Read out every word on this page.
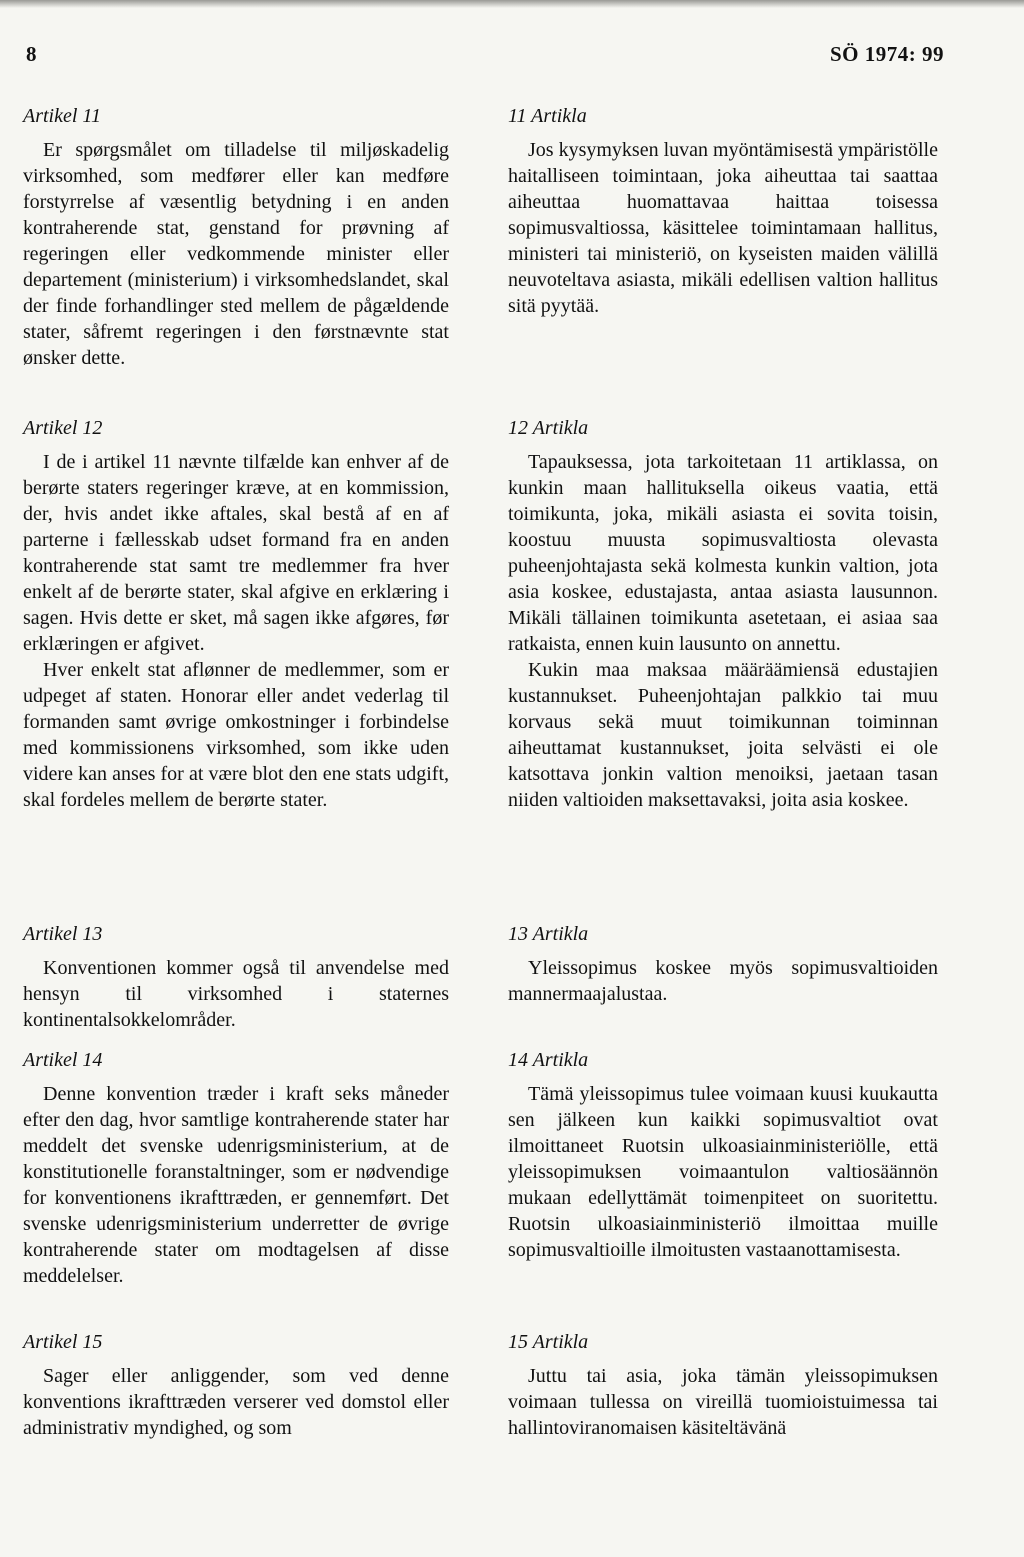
8	SÖ 1974: 99
Artikel 11

Er spørgsmålet om tilladelse til miljøskadelig virksomhed, som medfører eller kan medføre forstyrrelse af væsentlig betydning i en anden kontraherende stat, genstand for prøvning af regeringen eller vedkommende minister eller departement (ministerium) i virksomhedslandet, skal der finde forhandlinger sted mellem de pågældende stater, såfremt regeringen i den førstnævnte stat ønsker dette.

Artikel 12

I de i artikel 11 nævnte tilfælde kan enhver af de berørte staters regeringer kræve, at en kommission, der, hvis andet ikke aftales, skal bestå af en af parterne i fællesskab udset formand fra en anden kontraherende stat samt tre medlemmer fra hver enkelt af de berørte stater, skal afgive en erklæring i sagen. Hvis dette er sket, må sagen ikke afgøres, før erklæringen er afgivet.

Hver enkelt stat aflønner de medlemmer, som er udpeget af staten. Honorar eller andet vederlag til formanden samt øvrige omkostninger i forbindelse med kommissionens virksomhed, som ikke uden videre kan anses for at være blot den ene stats udgift, skal fordeles mellem de berørte stater.

Artikel 13

Konventionen kommer også til anvendelse med hensyn til virksomhed i staternes kontinentalsokkelområder.

Artikel 14

Denne konvention træder i kraft seks måneder efter den dag, hvor samtlige kontraherende stater har meddelt det svenske udenrigsministerium, at de konstitutionelle foranstaltninger, som er nødvendige for konventionens ikrafttræden, er gennemført. Det svenske udenrigsministerium underretter de øvrige kontraherende stater om modtagelsen af disse meddelelser.

Artikel 15

Sager eller anliggender, som ved denne konventions ikrafttræden verserer ved domstol eller administrativ myndighed, og som

11 Artikla

Jos kysymyksen luvan myöntämisestä ympäristölle haitalliseen toimintaan, joka aiheuttaa tai saattaa aiheuttaa huomattavaa haittaa toisessa sopimusvaltiossa, käsittelee toimintamaan hallitus, ministeri tai ministeriö, on kyseisten maiden välillä neuvoteltava asiasta, mikäli edellisen valtion hallitus sitä pyytää.

12 Artikla

Tapauksessa, jota tarkoitetaan 11 artiklassa, on kunkin maan hallituksella oikeus vaatia, että toimikunta, joka, mikäli asiasta ei sovita toisin, koostuu muusta sopimusvaltiosta olevasta puheenjohtajasta sekä kolmesta kunkin valtion, jota asia koskee, edustajasta, antaa asiasta lausunnon. Mikäli tällainen toimikunta asetetaan, ei asiaa saa ratkaista, ennen kuin lausunto on annettu.

Kukin maa maksaa määräämiensä edustajien kustannukset. Puheenjohtajan palkkio tai muu korvaus sekä muut toimikunnan toiminnan aiheuttamat kustannukset, joita selvästi ei ole katsottava jonkin valtion menoiksi, jaetaan tasan niiden valtioiden maksettavaksi, joita asia koskee.

13 Artikla

Yleissopimus koskee myös sopimusvaltioiden mannermaajalustaa.

14 Artikla

Tämä yleissopimus tulee voimaan kuusi kuukautta sen jälkeen kun kaikki sopimusvaltiot ovat ilmoittaneet Ruotsin ulkoasiainministeriölle, että yleissopimuksen voimaantulon valtiosäännön mukaan edellyttämät toimenpiteet on suoritettu. Ruotsin ulkoasiainministeriö ilmoittaa muille sopimusvaltioille ilmoitusten vastaanottamisesta.

15 Artikla

Juttu tai asia, joka tämän yleissopimuksen voimaan tullessa on vireillä tuomioistuimessa tai hallintoviranomaisen käsiteltävänä
